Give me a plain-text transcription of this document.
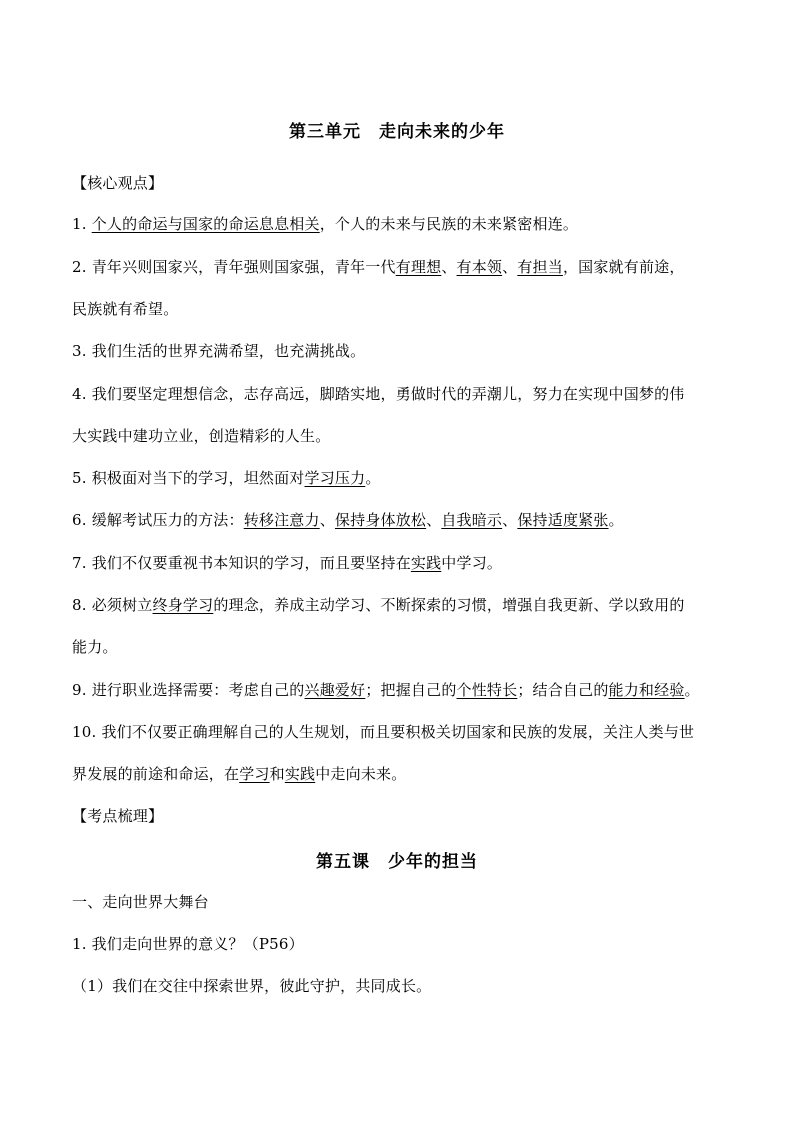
第三单元　走向未来的少年
【核心观点】
1. 个人的命运与国家的命运息息相关，个人的未来与民族的未来紧密相连。
2. 青年兴则国家兴，青年强则国家强，青年一代有理想、有本领、有担当，国家就有前途，
民族就有希望。
3. 我们生活的世界充满希望，也充满挑战。
4. 我们要坚定理想信念，志存高远，脚踏实地，勇做时代的弄潮儿，努力在实现中国梦的伟
大实践中建功立业，创造精彩的人生。
5. 积极面对当下的学习，坦然面对学习压力。
6. 缓解考试压力的方法：转移注意力、保持身体放松、自我暗示、保持适度紧张。
7. 我们不仅要重视书本知识的学习，而且要坚持在实践中学习。
8. 必须树立终身学习的理念，养成主动学习、不断探索的习惯，增强自我更新、学以致用的
能力。
9. 进行职业选择需要：考虑自己的兴趣爱好；把握自己的个性特长；结合自己的能力和经验。
10. 我们不仅要正确理解自己的人生规划，而且要积极关切国家和民族的发展，关注人类与世
界发展的前途和命运，在学习和实践中走向未来。
【考点梳理】
第五课　少年的担当
一、走向世界大舞台
1. 我们走向世界的意义？（P56）
（1）我们在交往中探索世界，彼此守护，共同成长。
